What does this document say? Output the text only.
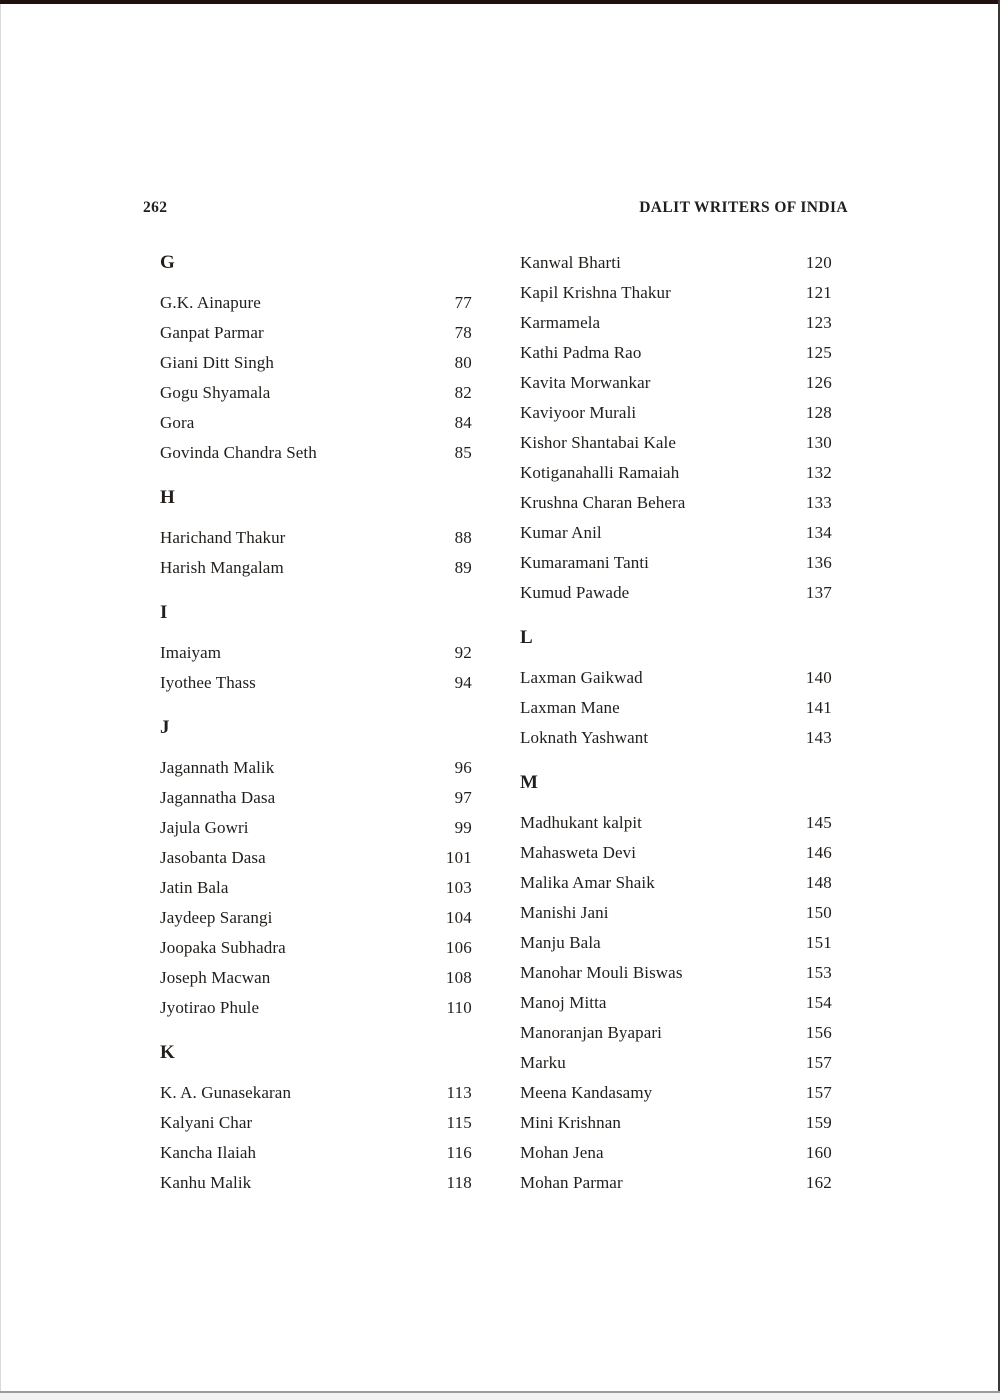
262	DALIT WRITERS OF INDIA
G
G.K. Ainapure	77
Ganpat Parmar	78
Giani Ditt Singh	80
Gogu Shyamala	82
Gora	84
Govinda Chandra Seth	85
H
Harichand Thakur	88
Harish Mangalam	89
I
Imaiyam	92
Iyothee Thass	94
J
Jagannath Malik	96
Jagannatha Dasa	97
Jajula Gowri	99
Jasobanta Dasa	101
Jatin Bala	103
Jaydeep Sarangi	104
Joopaka Subhadra	106
Joseph Macwan	108
Jyotirao Phule	110
K
K. A. Gunasekaran	113
Kalyani Char	115
Kancha Ilaiah	116
Kanhu Malik	118
Kanwal Bharti	120
Kapil Krishna Thakur	121
Karmamela	123
Kathi Padma Rao	125
Kavita Morwankar	126
Kaviyoor Murali	128
Kishor Shantabai Kale	130
Kotiganahalli Ramaiah	132
Krushna Charan Behera	133
Kumar Anil	134
Kumaramani Tanti	136
Kumud Pawade	137
L
Laxman Gaikwad	140
Laxman Mane	141
Loknath Yashwant	143
M
Madhukant kalpit	145
Mahasweta Devi	146
Malika Amar Shaik	148
Manishi Jani	150
Manju Bala	151
Manohar Mouli Biswas	153
Manoj Mitta	154
Manoranjan Byapari	156
Marku	157
Meena Kandasamy	157
Mini Krishnan	159
Mohan Jena	160
Mohan Parmar	162
